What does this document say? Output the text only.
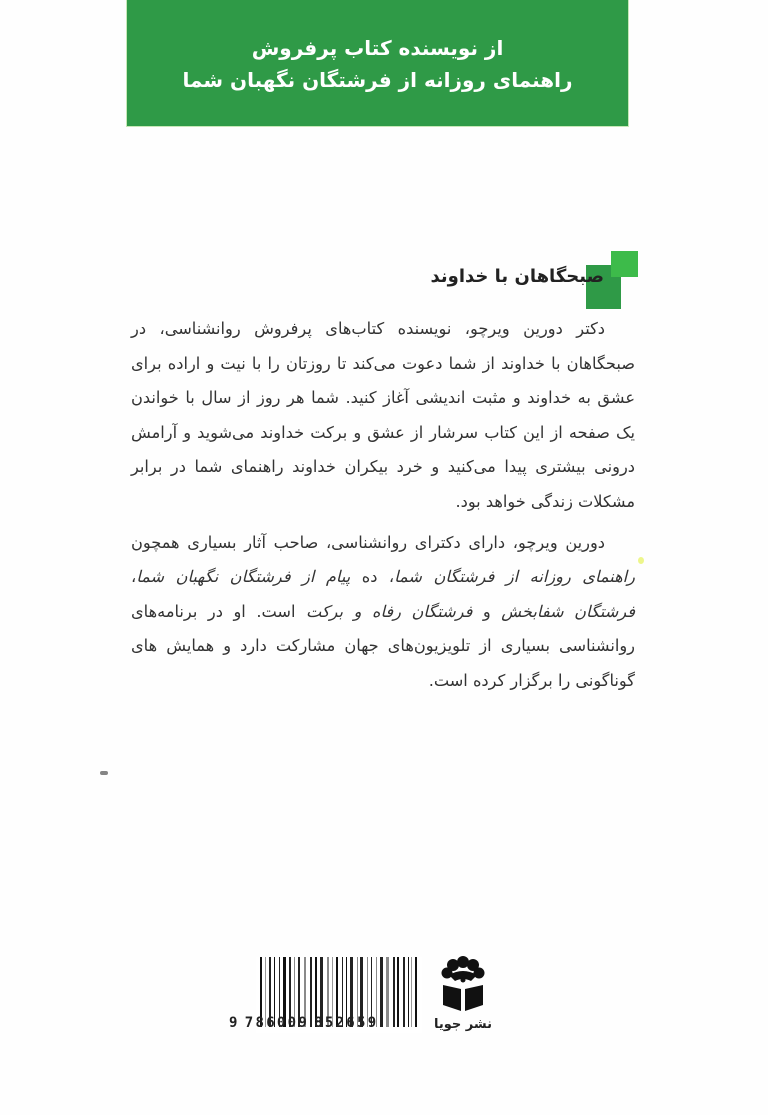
از نویسنده کتاب پرفروش
راهنمای روزانه از فرشتگان نگهبان شما
صبحگاهان با خداوند

دکتر دورین ویرچو، نویسنده کتاب‌های پرفروش روانشناسی، در صبحگاهان با خداوند از شما دعوت می‌کند تا روزتان را با نیت و اراده برای عشق به خداوند و مثبت اندیشی آغاز کنید. شما هر روز از سال با خواندن یک صفحه از این کتاب سرشار از عشق و برکت خداوند می‌شوید و آرامش درونی بیشتری پیدا می‌کنید و خرد بیکران خداوند راهنمای شما در برابر مشکلات زندگی خواهد بود.

دورین ویرچو، دارای دکترای روانشناسی، صاحب آثار بسیاری همچون راهنمای روزانه از فرشتگان شما، ده پیام از فرشتگان نگهبان شما، فرشتگان شفابخش و فرشتگان رفاه و برکت است. او در برنامه‌های روانشناسی بسیاری از تلویزیون‌های جهان مشارکت دارد و همایش های گوناگونی را برگزار کرده است.

9 786009 852659	نشر جویا
